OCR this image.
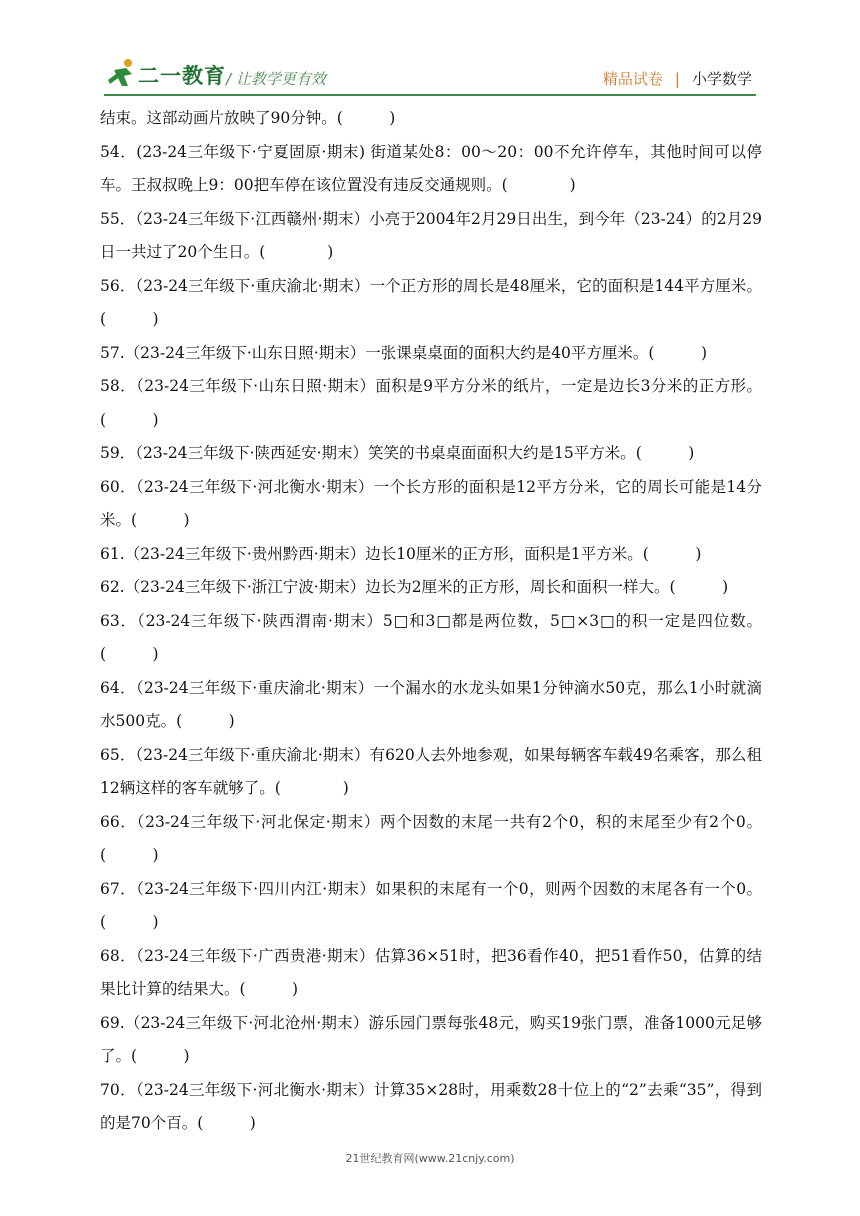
二一教育 / 让教学更有效	精品试卷 | 小学数学
结束。这部动画片放映了90分钟。(　　　)
54．(23-24三年级下·宁夏固原·期末) 街道某处8：00～20：00不允许停车，其他时间可以停车。王叔叔晚上9：00把车停在该位置没有违反交通规则。(　　　　)
55．（23-24三年级下·江西赣州·期末）小亮于2004年2月29日出生，到今年（23-24）的2月29日一共过了20个生日。(　　　　)
56．（23-24三年级下·重庆渝北·期末）一个正方形的周长是48厘米，它的面积是144平方厘米。(　　　)
57.（23-24三年级下·山东日照·期末）一张课桌桌面的面积大约是40平方厘米。(　　　)
58．（23-24三年级下·山东日照·期末）面积是9平方分米的纸片，一定是边长3分米的正方形。(　　　)
59．（23-24三年级下·陕西延安·期末）笑笑的书桌桌面面积大约是15平方米。(　　　)
60．（23-24三年级下·河北衡水·期末）一个长方形的面积是12平方分米，它的周长可能是14分米。(　　　)
61.（23-24三年级下·贵州黔西·期末）边长10厘米的正方形，面积是1平方米。(　　　)
62.（23-24三年级下·浙江宁波·期末）边长为2厘米的正方形，周长和面积一样大。(　　　)
63．（23-24三年级下·陕西渭南·期末）5□和3□都是两位数，5□×3□的积一定是四位数。(　　　)
64．（23-24三年级下·重庆渝北·期末）一个漏水的水龙头如果1分钟滴水50克，那么1小时就滴水500克。(　　　)
65．（23-24三年级下·重庆渝北·期末）有620人去外地参观，如果每辆客车载49名乘客，那么租12辆这样的客车就够了。(　　　　)
66．（23-24三年级下·河北保定·期末）两个因数的末尾一共有2个0，积的末尾至少有2个0。(　　　)
67．（23-24三年级下·四川内江·期末）如果积的末尾有一个0，则两个因数的末尾各有一个0。(　　　)
68．（23-24三年级下·广西贵港·期末）估算36×51时，把36看作40，把51看作50，估算的结果比计算的结果大。(　　　)
69.（23-24三年级下·河北沧州·期末）游乐园门票每张48元，购买19张门票，准备1000元足够了。(　　　)
70．（23-24三年级下·河北衡水·期末）计算35×28时，用乘数28十位上的“2”去乘“35”，得到的是70个百。(　　　)
21世纪教育网(www.21cnjy.com)
